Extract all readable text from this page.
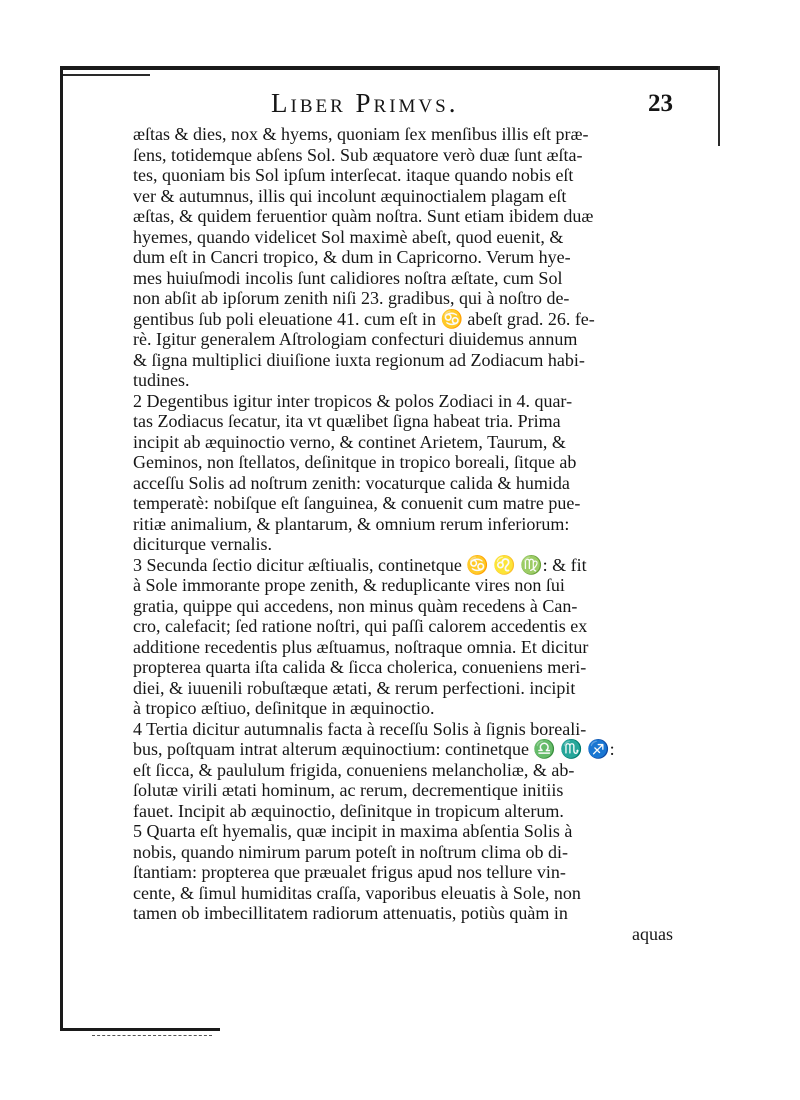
Liber Primvs.	23
æſtas & dies, nox & hyems, quoniam ſex menſibus illis eſt præ-
ſens, totidemque abſens Sol. Sub æquatore verò duæ ſunt æſta-
tes, quoniam bis Sol ipſum interſecat. itaque quando nobis eſt
ver & autumnus, illis qui incolunt æquinoctialem plagam eſt
æſtas, & quidem feruentior quàm noſtra. Sunt etiam ibidem duæ
hyemes, quando videlicet Sol maximè abeſt, quod euenit, &
dum eſt in Cancri tropico, & dum in Capricorno. Verum hye-
mes huiuſmodi incolis ſunt calidiores noſtra æſtate, cum Sol
non abſit ab ipſorum zenith niſi 23. gradibus, qui à noſtro de-
gentibus ſub poli eleuatione 41. cum eſt in ♋ abeſt grad. 26. fe-
rè. Igitur generalem Aſtrologiam confecturi diuidemus annum
& ſigna multiplici diuiſione iuxta regionum ad Zodiacum habi-
tudines.
2 Degentibus igitur inter tropicos & polos Zodiaci in 4. quar-
tas Zodiacus ſecatur, ita vt quælibet ſigna habeat tria. Prima
incipit ab æquinoctio verno, & continet Arietem, Taurum, &
Geminos, non ſtellatos, deſinitque in tropico boreali, ſitque ab
acceſſu Solis ad noſtrum zenith: vocaturque calida & humida
temperatè: nobiſque eſt ſanguinea, & conuenit cum matre pue-
ritiæ animalium, & plantarum, & omnium rerum inferiorum:
diciturque vernalis.
3 Secunda ſectio dicitur æſtiualis, continetque ♋ ♌ ♍: & fit
à Sole immorante prope zenith, & reduplicante vires non ſui
gratia, quippe qui accedens, non minus quàm recedens à Can-
cro, calefacit; ſed ratione noſtri, qui paſſi calorem accedentis ex
additione recedentis plus æſtuamus, noſtraque omnia. Et dicitur
propterea quarta iſta calida & ſicca cholerica, conueniens meri-
diei, & iuuenili robuſtæque ætati, & rerum perfectioni. incipit
à tropico æſtiuo, deſinitque in æquinoctio.
4 Tertia dicitur autumnalis facta à receſſu Solis à ſignis boreali-
bus, poſtquam intrat alterum æquinoctium: continetque ♎ ♏ ♐:
eſt ſicca, & paululum frigida, conueniens melancholiæ, & ab-
ſolutæ virili ætati hominum, ac rerum, decrementique initiis
fauet. Incipit ab æquinoctio, deſinitque in tropicum alterum.
5 Quarta eſt hyemalis, quæ incipit in maxima abſentia Solis à
nobis, quando nimirum parum poteſt in noſtrum clima ob di-
ſtantiam: propterea que præualet frigus apud nos tellure vin-
cente, & ſimul humiditas craſſa, vaporibus eleuatis à Sole, non
tamen ob imbecillitatem radiorum attenuatis, potiùs quàm in
aquas
